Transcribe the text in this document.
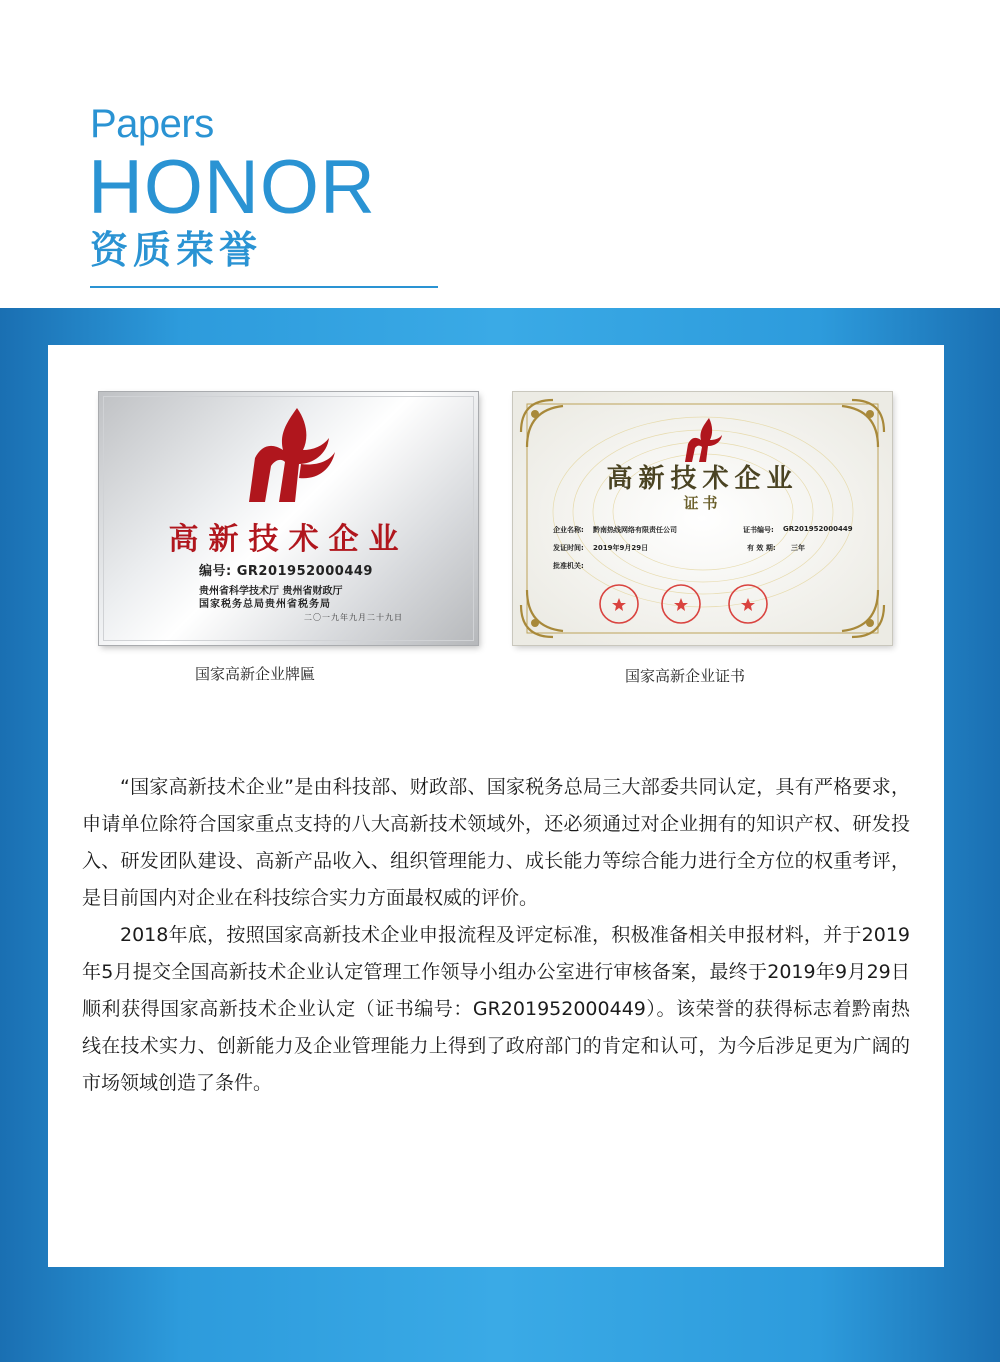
Papers
HONOR
资质荣誉
高新技术企业
编号: GR201952000449
贵州省科学技术厅 贵州省财政厅
国家税务总局贵州省税务局
二〇一九年九月二十九日
高新技术企业
证书
企业名称: 黔南热线网络有限责任公司	证书编号: GR201952000449
发证时间: 2019年9月29日	有 效 期: 三年
批准机关:
国家高新企业牌匾	国家高新企业证书

“国家高新技术企业”是由科技部、财政部、国家税务总局三大部委共同认定，具有严格要求，申请单位除符合国家重点支持的八大高新技术领域外，还必须通过对企业拥有的知识产权、研发投入、研发团队建设、高新产品收入、组织管理能力、成长能力等综合能力进行全方位的权重考评，是目前国内对企业在科技综合实力方面最权威的评价。

2018年底，按照国家高新技术企业申报流程及评定标准，积极准备相关申报材料，并于2019年5月提交全国高新技术企业认定管理工作领导小组办公室进行审核备案，最终于2019年9月29日顺利获得国家高新技术企业认定（证书编号：GR201952000449）。该荣誉的获得标志着黔南热线在技术实力、创新能力及企业管理能力上得到了政府部门的肯定和认可，为今后涉足更为广阔的市场领域创造了条件。
